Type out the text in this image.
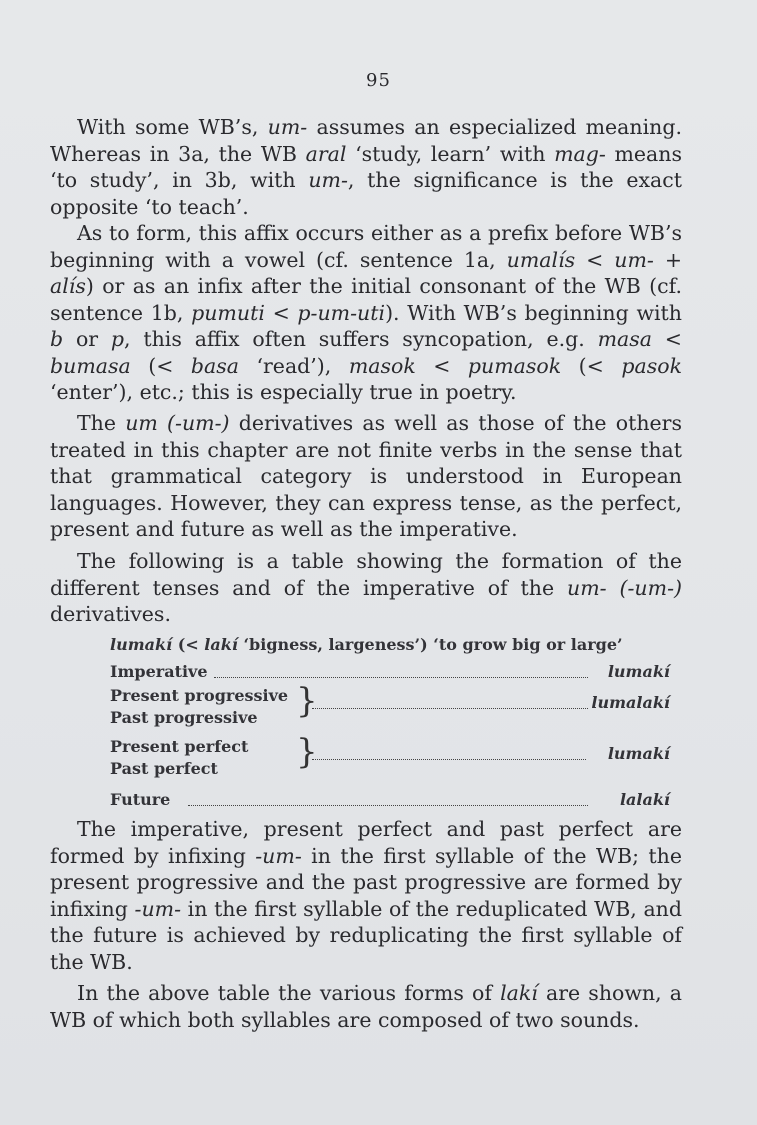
95

With some WB’s, um- assumes an especialized meaning. Whereas in 3a, the WB aral ‘study, learn’ with mag- means ‘to study’, in 3b, with um-, the significance is the exact opposite ‘to teach’.

As to form, this affix occurs either as a prefix before WB’s beginning with a vowel (cf. sentence 1a, umalís < um- + alís) or as an infix after the initial consonant of the WB (cf. sentence 1b, pumuti < p-um-uti). With WB’s beginning with b or p, this affix often suffers syncopation, e.g. masa < bumasa (< basa ‘read’), masok < pumasok (< pasok ‘enter’), etc.; this is especially true in poetry.

The um (-um-) derivatives as well as those of the others treated in this chapter are not finite verbs in the sense that that grammatical category is understood in European languages. However, they can express tense, as the perfect, present and future as well as the imperative.

The following is a table showing the formation of the different tenses and of the imperative of the um- (-um-) derivatives.

lumakí (< lakí ‘bigness, largeness’) ‘to grow big or large’
Imperative	lumakí
Present progressive
Past progressive }	lumalakí
Present perfect
Past perfect }	lumakí
Future	lalakí

The imperative, present perfect and past perfect are formed by infixing -um- in the first syllable of the WB; the present progressive and the past progressive are formed by infixing -um- in the first syllable of the reduplicated WB, and the future is achieved by reduplicating the first syllable of the WB.

In the above table the various forms of lakí are shown, a WB of which both syllables are composed of two sounds.
